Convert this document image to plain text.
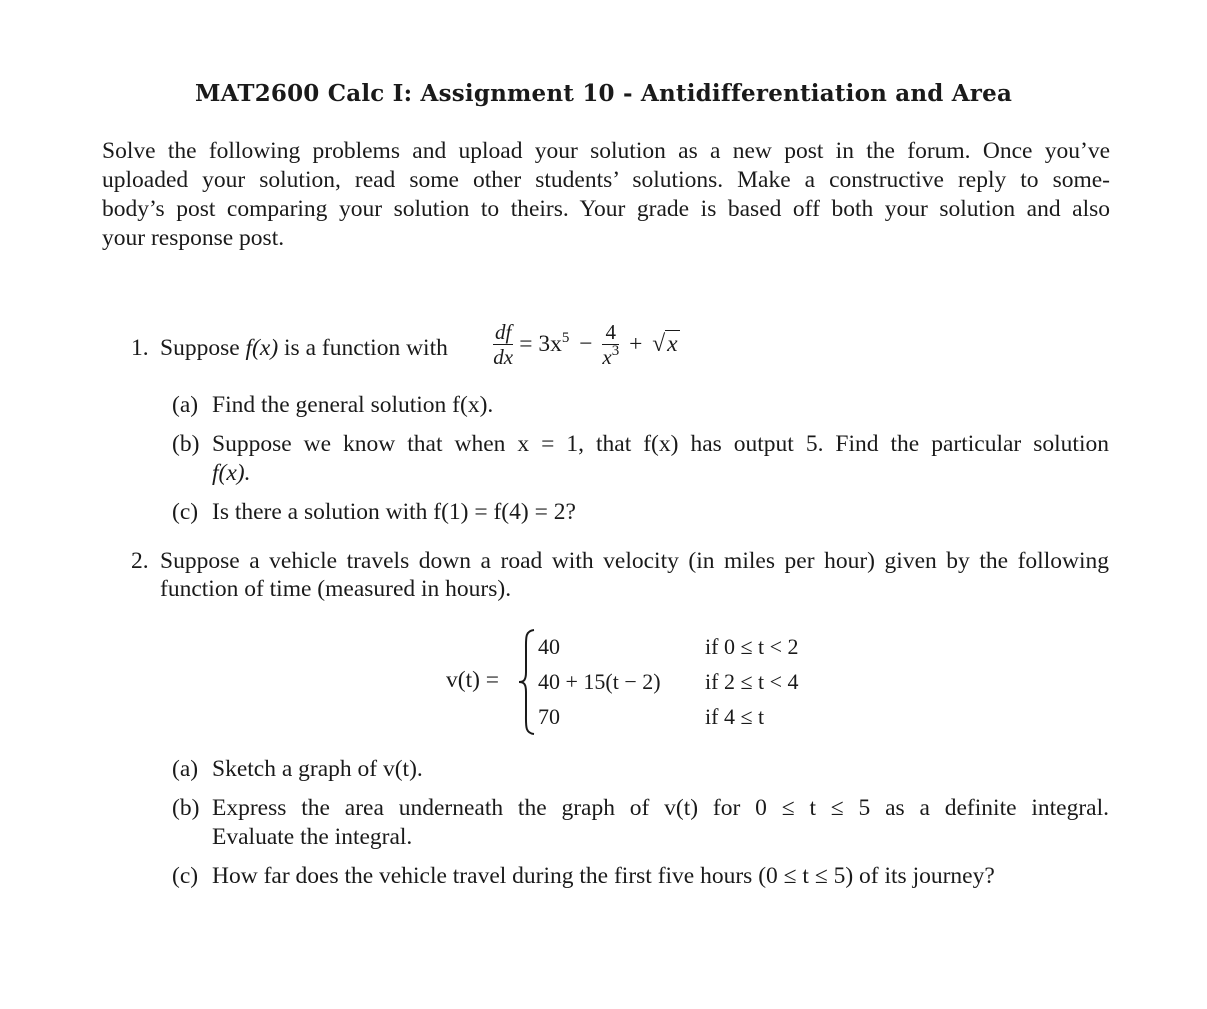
MAT2600 Calc I: Assignment 10 - Antidifferentiation and Area
Solve the following problems and upload your solution as a new post in the forum. Once you’ve
uploaded your solution, read some other students’ solutions. Make a constructive reply to some-
body’s post comparing your solution to theirs. Your grade is based off both your solution and also
your response post.
1. Suppose f(x) is a function with $\frac{df}{dx} = 3x^5 - \frac{4}{x^3} + √x$
(a) Find the general solution f(x).
(b) Suppose we know that when x = 1, that f(x) has output 5. Find the particular solution
f(x).
(c) Is there a solution with f(1) = f(4) = 2?
2. Suppose a vehicle travels down a road with velocity (in miles per hour) given by the following
function of time (measured in hours).
v(t) =
40
40 + 15(t − 2)
70
if 0 ≤ t < 2
if 2 ≤ t < 4
if 4 ≤ t
(a) Sketch a graph of v(t).
(b) Express the area underneath the graph of v(t) for 0 ≤ t ≤ 5 as a definite integral.
Evaluate the integral.
(c) How far does the vehicle travel during the first five hours (0 ≤ t ≤ 5) of its journey?
